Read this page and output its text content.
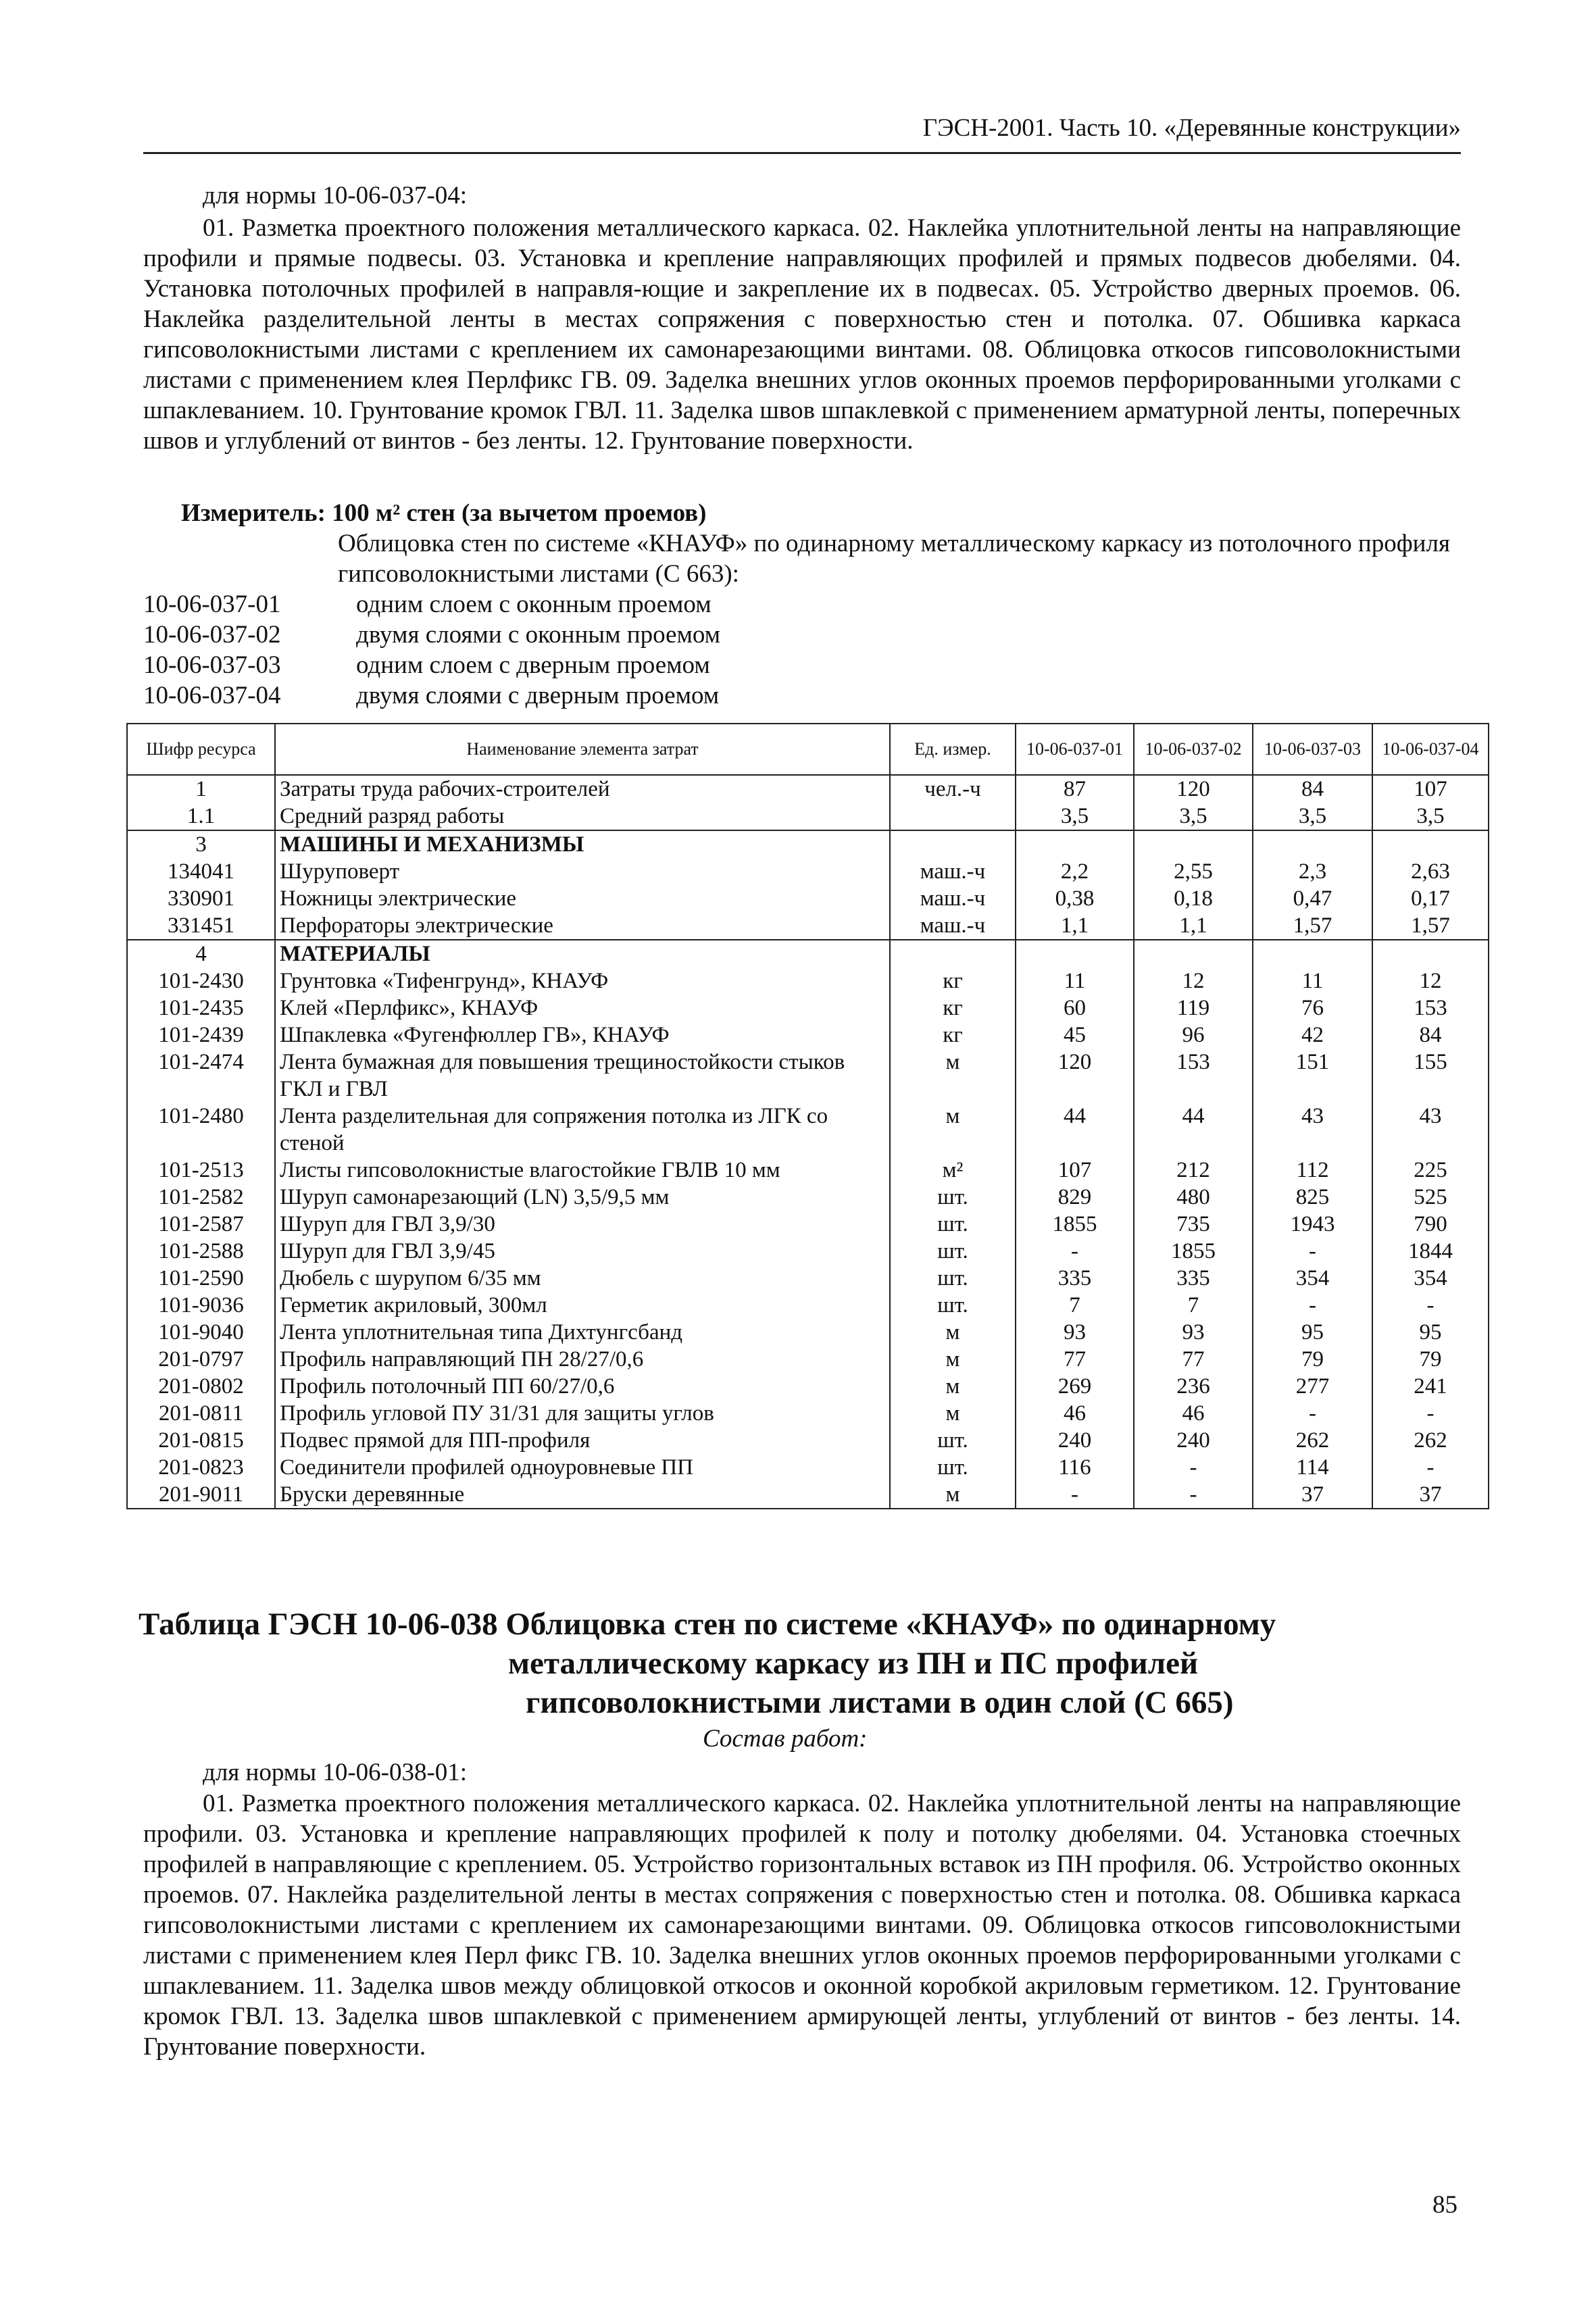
ГЭСН-2001. Часть 10. «Деревянные конструкции»
для нормы 10-06-037-04:
01. Разметка проектного положения металлического каркаса. 02. Наклейка уплотнительной ленты на направляющие профили и прямые подвесы. 03. Установка и крепление направляющих профилей и прямых подвесов дюбелями. 04. Установка потолочных профилей в направля-ющие и закрепление их в подвесах. 05. Устройство дверных проемов. 06. Наклейка разделительной ленты в местах сопряжения с поверхностью стен и потолка. 07. Обшивка каркаса гипсоволокнистыми листами с креплением их самонарезающими винтами. 08. Облицовка откосов гипсоволокнистыми листами с применением клея Перлфикс ГВ. 09. Заделка внешних углов оконных проемов перфорированными уголками с шпаклеванием. 10. Грунтование кромок ГВЛ. 11. Заделка швов шпаклевкой с применением арматурной ленты, поперечных швов и углублений от винтов - без ленты. 12. Грунтование поверхности.
Измеритель: 100 м² стен (за вычетом проемов)
Облицовка стен по системе «КНАУФ» по одинарному металлическому каркасу из потолочного профиля гипсоволокнистыми листами (С 663):
10-06-037-01	одним слоем с оконным проемом
10-06-037-02	двумя слоями с оконным проемом
10-06-037-03	одним слоем с дверным проемом
10-06-037-04	двумя слоями с дверным проемом
Шифр ресурса	Наименование элемента затрат	Ед. измер.	10-06-037-01	10-06-037-02	10-06-037-03	10-06-037-04
1	Затраты труда рабочих-строителей	чел.-ч	87	120	84	107
1.1	Средний разряд работы		3,5	3,5	3,5	3,5
3	МАШИНЫ И МЕХАНИЗМЫ					
134041	Шуруповерт	маш.-ч	2,2	2,55	2,3	2,63
330901	Ножницы электрические	маш.-ч	0,38	0,18	0,47	0,17
331451	Перфораторы электрические	маш.-ч	1,1	1,1	1,57	1,57
4	МАТЕРИАЛЫ					
101-2430	Грунтовка «Тифенгрунд», КНАУФ	кг	11	12	11	12
101-2435	Клей «Перлфикс», КНАУФ	кг	60	119	76	153
101-2439	Шпаклевка «Фугенфюллер ГВ», КНАУФ	кг	45	96	42	84
101-2474	Лента бумажная для повышения трещиностойкости стыков ГКЛ и ГВЛ	м	120	153	151	155
101-2480	Лента разделительная для сопряжения потолка из ЛГК со стеной	м	44	44	43	43
101-2513	Листы гипсоволокнистые влагостойкие ГВЛВ 10 мм	м²	107	212	112	225
101-2582	Шуруп самонарезающий (LN) 3,5/9,5 мм	шт.	829	480	825	525
101-2587	Шуруп для ГВЛ 3,9/30	шт.	1855	735	1943	790
101-2588	Шуруп для ГВЛ 3,9/45	шт.	-	1855	-	1844
101-2590	Дюбель с шурупом 6/35 мм	шт.	335	335	354	354
101-9036	Герметик акриловый, 300мл	шт.	7	7	-	-
101-9040	Лента уплотнительная типа Дихтунгсбанд	м	93	93	95	95
201-0797	Профиль направляющий ПН 28/27/0,6	м	77	77	79	79
201-0802	Профиль потолочный ПП 60/27/0,6	м	269	236	277	241
201-0811	Профиль угловой ПУ 31/31 для защиты углов	м	46	46	-	-
201-0815	Подвес прямой для ПП-профиля	шт.	240	240	262	262
201-0823	Соединители профилей одноуровневые ПП	шт.	116	-	114	-
201-9011	Бруски деревянные	м	-	-	37	37
Таблица ГЭСН 10-06-038 Облицовка стен по системе «КНАУФ» по одинарному
металлическому каркасу из ПН и ПС профилей
гипсоволокнистыми листами в один слой (С 665)
Состав работ:
для нормы 10-06-038-01:
01. Разметка проектного положения металлического каркаса. 02. Наклейка уплотнительной ленты на направляющие профили. 03. Установка и крепление направляющих профилей к полу и потолку дюбелями. 04. Установка стоечных профилей в направляющие с креплением. 05. Устройство горизонтальных вставок из ПН профиля. 06. Устройство оконных проемов. 07. Наклейка разделительной ленты в местах сопряжения с поверхностью стен и потолка. 08. Обшивка каркаса гипсоволокнистыми листами с креплением их самонарезающими винтами. 09. Облицовка откосов гипсоволокнистыми листами с применением клея Перл фикс ГВ. 10. Заделка внешних углов оконных проемов перфорированными уголками с шпаклеванием. 11. Заделка швов между облицовкой откосов и оконной коробкой акриловым герметиком. 12. Грунтование кромок ГВЛ. 13. Заделка швов шпаклевкой с применением армирующей ленты, углублений от винтов - без ленты. 14. Грунтование поверхности.
85
